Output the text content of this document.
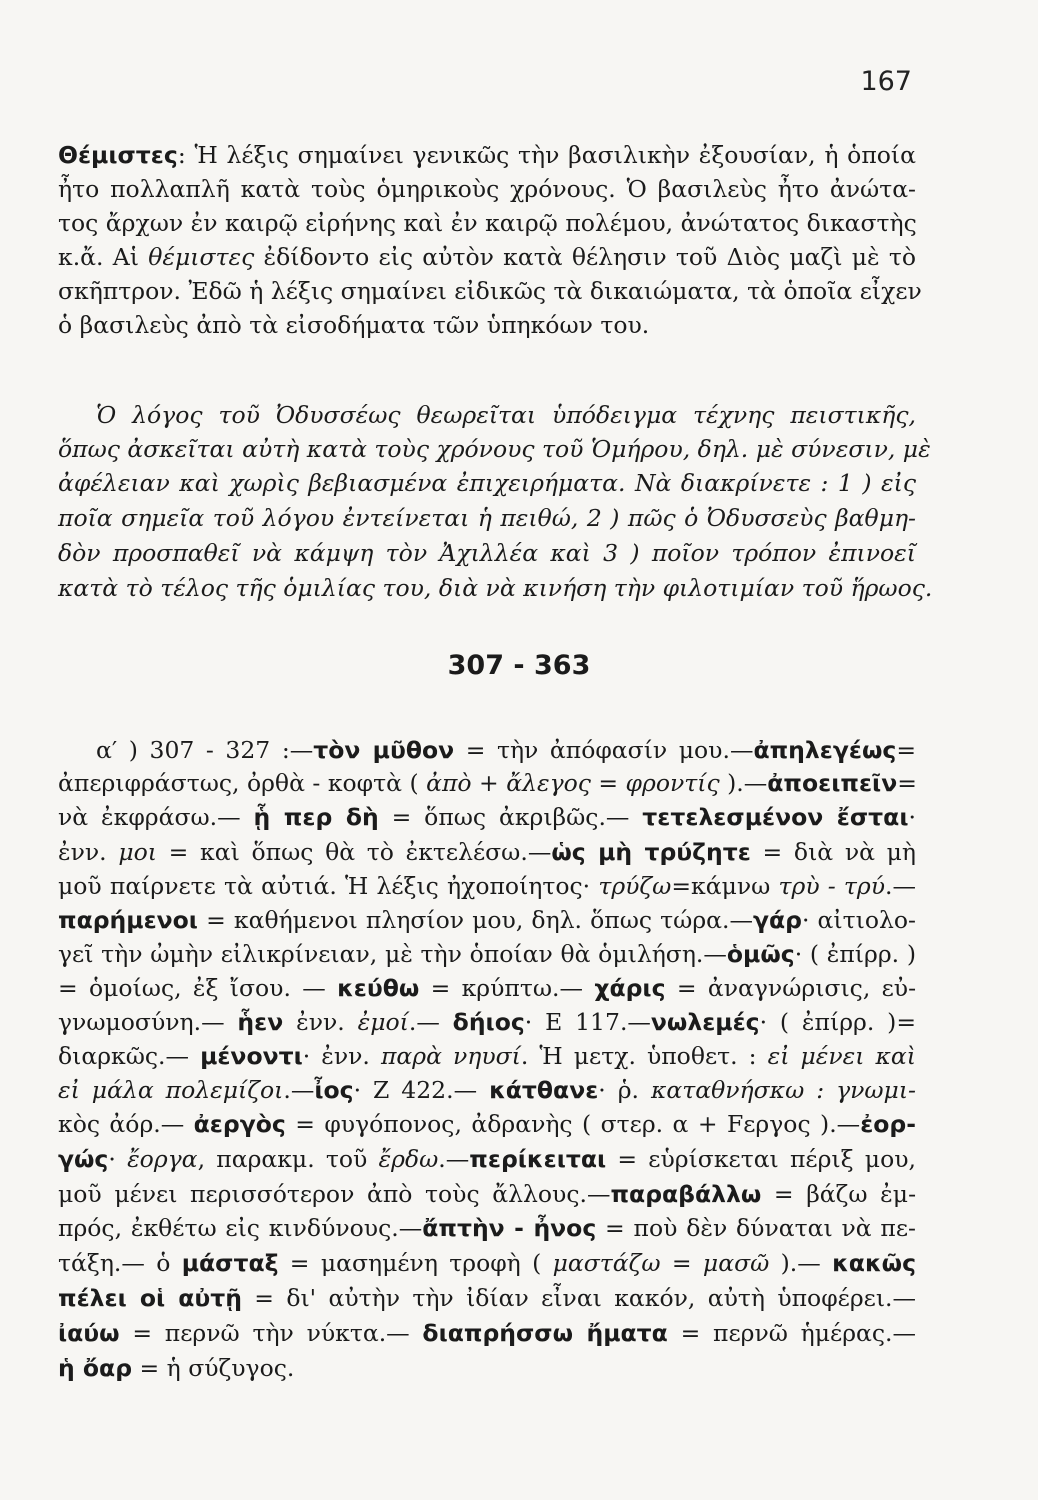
167
Θέμιστες: Ἡ λέξις σημαίνει γενικῶς τὴν βασιλικὴν ἐξουσίαν, ἡ ὁποία
ἦτο πολλαπλῆ κατὰ τοὺς ὁμηρικοὺς χρόνους. Ὁ βασιλεὺς ἦτο ἀνώτα-
τος ἄρχων ἐν καιρῷ εἰρήνης καὶ ἐν καιρῷ πολέμου, ἀνώτατος δικαστὴς
κ.ἄ. Αἱ θέμιστες ἐδίδοντο εἰς αὐτὸν κατὰ θέλησιν τοῦ Διὸς μαζὶ μὲ τὸ
σκῆπτρον. Ἐδῶ ἡ λέξις σημαίνει εἰδικῶς τὰ δικαιώματα, τὰ ὁποῖα εἶχεν
ὁ βασιλεὺς ἀπὸ τὰ εἰσοδήματα τῶν ὑπηκόων του.
Ὁ λόγος τοῦ Ὀδυσσέως θεωρεῖται ὑπόδειγμα τέχνης πειστικῆς,
ὅπως ἀσκεῖται αὐτὴ κατὰ τοὺς χρόνους τοῦ Ὁμήρου, δηλ. μὲ σύνεσιν, μὲ
ἀφέλειαν καὶ χωρὶς βεβιασμένα ἐπιχειρήματα. Νὰ διακρίνετε : 1 ) εἰς
ποῖα σημεῖα τοῦ λόγου ἐντείνεται ἡ πειθώ, 2 ) πῶς ὁ Ὀδυσσεὺς βαθμη-
δὸν προσπαθεῖ νὰ κάμψη τὸν Ἀχιλλέα καὶ 3 ) ποῖον τρόπον ἐπινοεῖ
κατὰ τὸ τέλος τῆς ὁμιλίας του, διὰ νὰ κινήση τὴν φιλοτιμίαν τοῦ ἥρωος.
307 - 363
α′ ) 307 - 327 :—τὸν μῦθον = τὴν ἀπόφασίν μου.—ἀπηλεγέως=
ἀπεριφράστως, ὀρθὰ - κοφτὰ ( ἀπὸ + ἄλεγος = φροντίς ).—ἀποειπεῖν=
νὰ ἐκφράσω.— ᾗ περ δὴ = ὅπως ἀκριβῶς.— τετελεσμένον ἔσται·
ἐνν. μοι = καὶ ὅπως θὰ τὸ ἐκτελέσω.—ὡς μὴ τρύζητε = διὰ νὰ μὴ
μοῦ παίρνετε τὰ αὐτιά. Ἡ λέξις ἠχοποίητος· τρύζω=κάμνω τρὺ - τρύ.—
παρήμενοι = καθήμενοι πλησίον μου, δηλ. ὅπως τώρα.—γάρ· αἰτιολο-
γεῖ τὴν ὠμὴν εἰλικρίνειαν, μὲ τὴν ὁποίαν θὰ ὁμιλήση.—ὁμῶς· ( ἐπίρρ. )
= ὁμοίως, ἐξ ἴσου. — κεύθω = κρύπτω.— χάρις = ἀναγνώρισις, εὐ-
γνωμοσύνη.— ἧεν ἐνν. ἐμοί.— δήιος· E 117.—νωλεμές· ( ἐπίρρ. )=
διαρκῶς.— μένοντι· ἐνν. παρὰ νηυσί. Ἡ μετχ. ὑποθετ. : εἰ μένει καὶ
εἰ μάλα πολεμίζοι.—ἶος· Z 422.— κάτθανε· ῥ. καταθνήσκω : γνωμι-
κὸς ἀόρ.— ἀεργὸς = φυγόπονος, ἀδρανὴς ( στερ. α + Fεργος ).—ἐορ-
γώς· ἔοργα, παρακμ. τοῦ ἔρδω.—περίκειται = εὑρίσκεται πέριξ μου,
μοῦ μένει περισσότερον ἀπὸ τοὺς ἄλλους.—παραβάλλω = βάζω ἐμ-
πρός, ἐκθέτω εἰς κινδύνους.—ἄπτὴν - ἦνος = ποὺ δὲν δύναται νὰ πε-
τάξη.— ὁ μάσταξ = μασημένη τροφὴ ( μαστάζω = μασῶ ).— κακῶς
πέλει οἱ αὐτῇ = δι' αὐτὴν τὴν ἰδίαν εἶναι κακόν, αὐτὴ ὑποφέρει.—
ἰαύω = περνῶ τὴν νύκτα.— διαπρήσσω ἤματα = περνῶ ἡμέρας.—
ἡ ὄαρ = ἡ σύζυγος.
